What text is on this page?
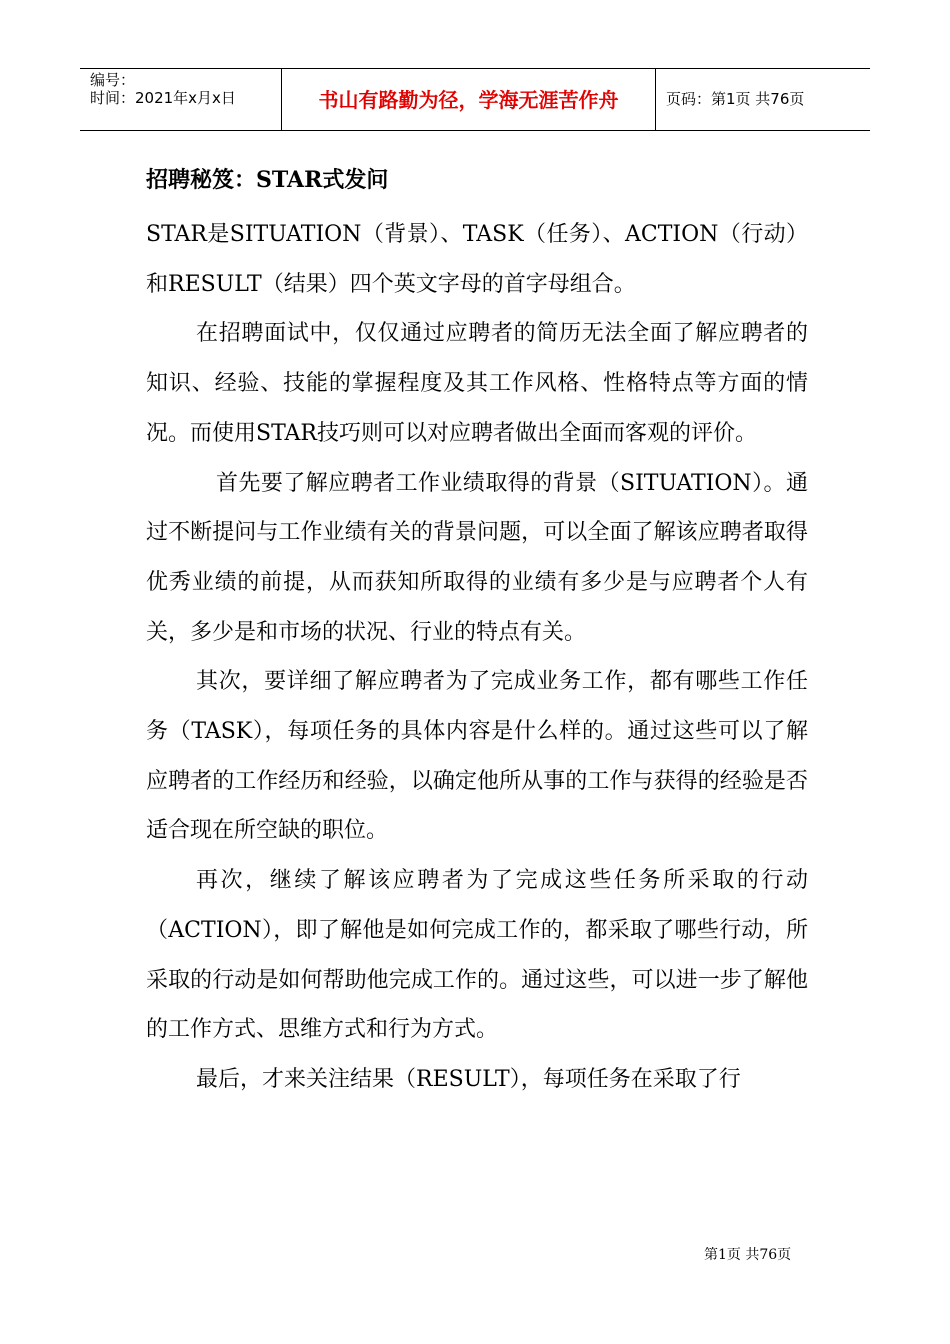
编号：
时间：2021年x月x日	书山有路勤为径，学海无涯苦作舟	页码：第1页 共76页
招聘秘笈：STAR式发问

STAR是SITUATION（背景）、TASK（任务）、ACTION（行动）和RESULT（结果）四个英文字母的首字母组合。

在招聘面试中，仅仅通过应聘者的简历无法全面了解应聘者的知识、经验、技能的掌握程度及其工作风格、性格特点等方面的情况。而使用STAR技巧则可以对应聘者做出全面而客观的评价。

首先要了解应聘者工作业绩取得的背景（SITUATION）。通过不断提问与工作业绩有关的背景问题，可以全面了解该应聘者取得优秀业绩的前提，从而获知所取得的业绩有多少是与应聘者个人有关，多少是和市场的状况、行业的特点有关。

其次，要详细了解应聘者为了完成业务工作，都有哪些工作任务（TASK），每项任务的具体内容是什么样的。通过这些可以了解应聘者的工作经历和经验，以确定他所从事的工作与获得的经验是否适合现在所空缺的职位。

再次，继续了解该应聘者为了完成这些任务所采取的行动（ACTION），即了解他是如何完成工作的，都采取了哪些行动，所采取的行动是如何帮助他完成工作的。通过这些，可以进一步了解他的工作方式、思维方式和行为方式。

最后，才来关注结果（RESULT），每项任务在采取了行

第1页 共76页
